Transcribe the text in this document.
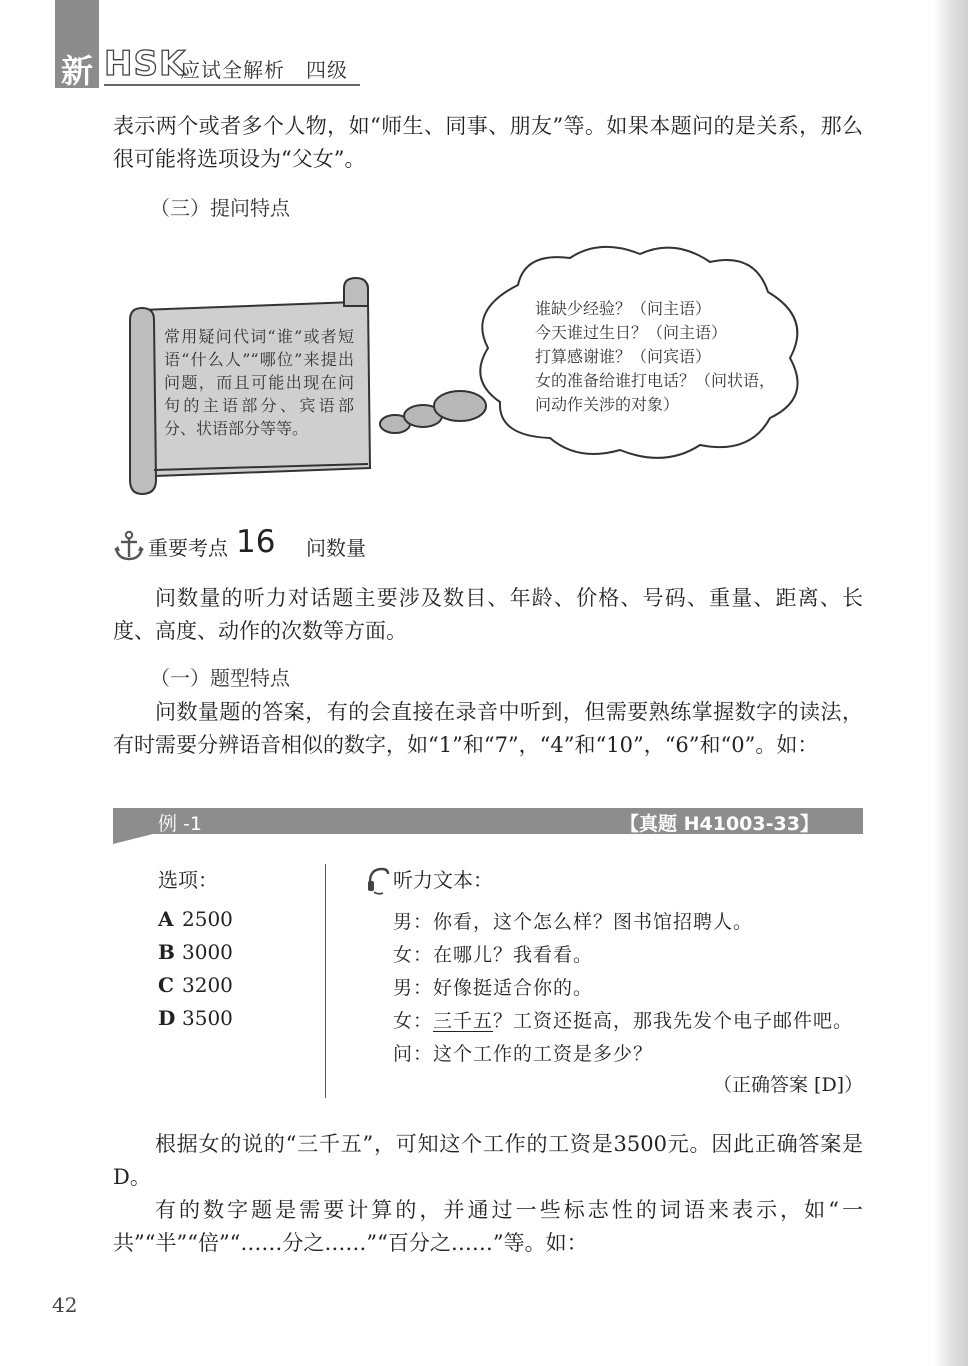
新 HSK
应试全解析　四级
表示两个或者多个人物，如“师生、同事、朋友”等。如果本题问的是关系，那么很可能将选项设为“父女”。
（三）提问特点
常用疑问代词“谁”或者短语“什么人”“哪位”来提出问题，而且可能出现在问句的主语部分、宾语部分、状语部分等等。
谁缺少经验？（问主语）
今天谁过生日？（问主语）
打算感谢谁？（问宾语）
女的准备给谁打电话？（问状语，
问动作关涉的对象）
重要考点 16 问数量
问数量的听力对话题主要涉及数目、年龄、价格、号码、重量、距离、长度、高度、动作的次数等方面。
（一）题型特点
问数量题的答案，有的会直接在录音中听到，但需要熟练掌握数字的读法，有时需要分辨语音相似的数字，如“1”和“7”，“4”和“10”，“6”和“0”。如：
例 -1	【真题 H41003-33】
选项：
A 2500
B 3000
C 3200
D 3500
听力文本：
男：你看，这个怎么样？图书馆招聘人。
女：在哪儿？我看看。
男：好像挺适合你的。
女：三千五？工资还挺高，那我先发个电子邮件吧。
问：这个工作的工资是多少？
（正确答案 [D]）
根据女的说的“三千五”，可知这个工作的工资是3500元。因此正确答案是D。
有的数字题是需要计算的，并通过一些标志性的词语来表示，如“一共”“半”“倍”“……分之……”“百分之……”等。如：
42
